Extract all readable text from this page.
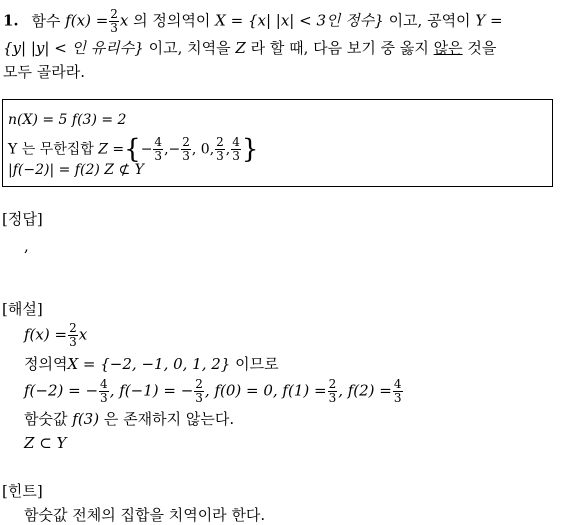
1. 함수 $f(x) = \frac{2}{3}$ x 의 정의역이 X = {x| |x| < 3인 정수} 이고, 공역이 Y =
{y| |y| < 인 유리수} 이고, 치역을 Z 라 할 때, 다음 보기 중 옳지 않은 것을
모두 골라라.
n(X) = 5 f(3) = 2
Y 는 무한집합 Z ={− $\frac{4}{3}$ ,− $\frac{2}{3}$ , 0, $\frac{2}{3}$ , $\frac{4}{3}$ }
|f(−2)| = f(2) Z ⊄ Y
[정답]
,
[해설]
$f(x) = \frac{2}{3}$ x
정의역X = {−2, −1, 0, 1, 2} 이므로
f(−2) = − $\frac{4}{3}$ , f(−1) = − $\frac{2}{3}$ , f(0) = 0, $f(1) = \frac{2}{3}$ , $f(2) = \frac{4}{3}$
함숫값 f(3) 은 존재하지 않는다.
Z ⊂ Y
[힌트]
함숫값 전체의 집합을 치역이라 한다.
